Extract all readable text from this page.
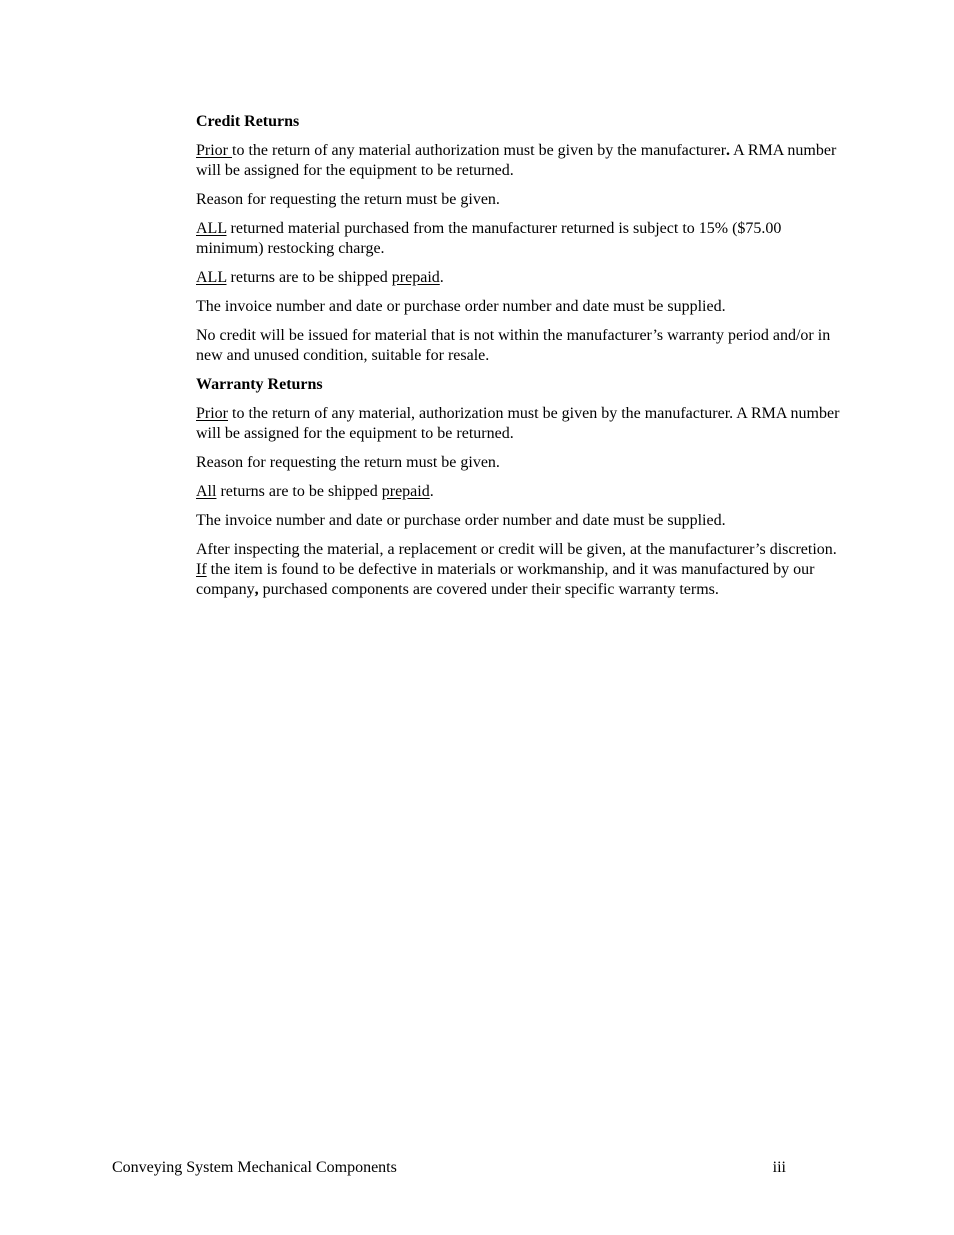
Credit Returns

Prior to the return of any material authorization must be given by the manufacturer. A RMA number will be assigned for the equipment to be returned.

Reason for requesting the return must be given.

ALL returned material purchased from the manufacturer returned is subject to 15% ($75.00 minimum) restocking charge.

ALL returns are to be shipped prepaid.

The invoice number and date or purchase order number and date must be supplied.

No credit will be issued for material that is not within the manufacturer’s warranty period and/or in new and unused condition, suitable for resale.

Warranty Returns

Prior to the return of any material, authorization must be given by the manufacturer. A RMA number will be assigned for the equipment to be returned.

Reason for requesting the return must be given.

All returns are to be shipped prepaid.

The invoice number and date or purchase order number and date must be supplied.

After inspecting the material, a replacement or credit will be given, at the manufacturer’s discretion. If the item is found to be defective in materials or workmanship, and it was manufactured by our company, purchased components are covered under their specific warranty terms.

Conveying System Mechanical Components	iii
